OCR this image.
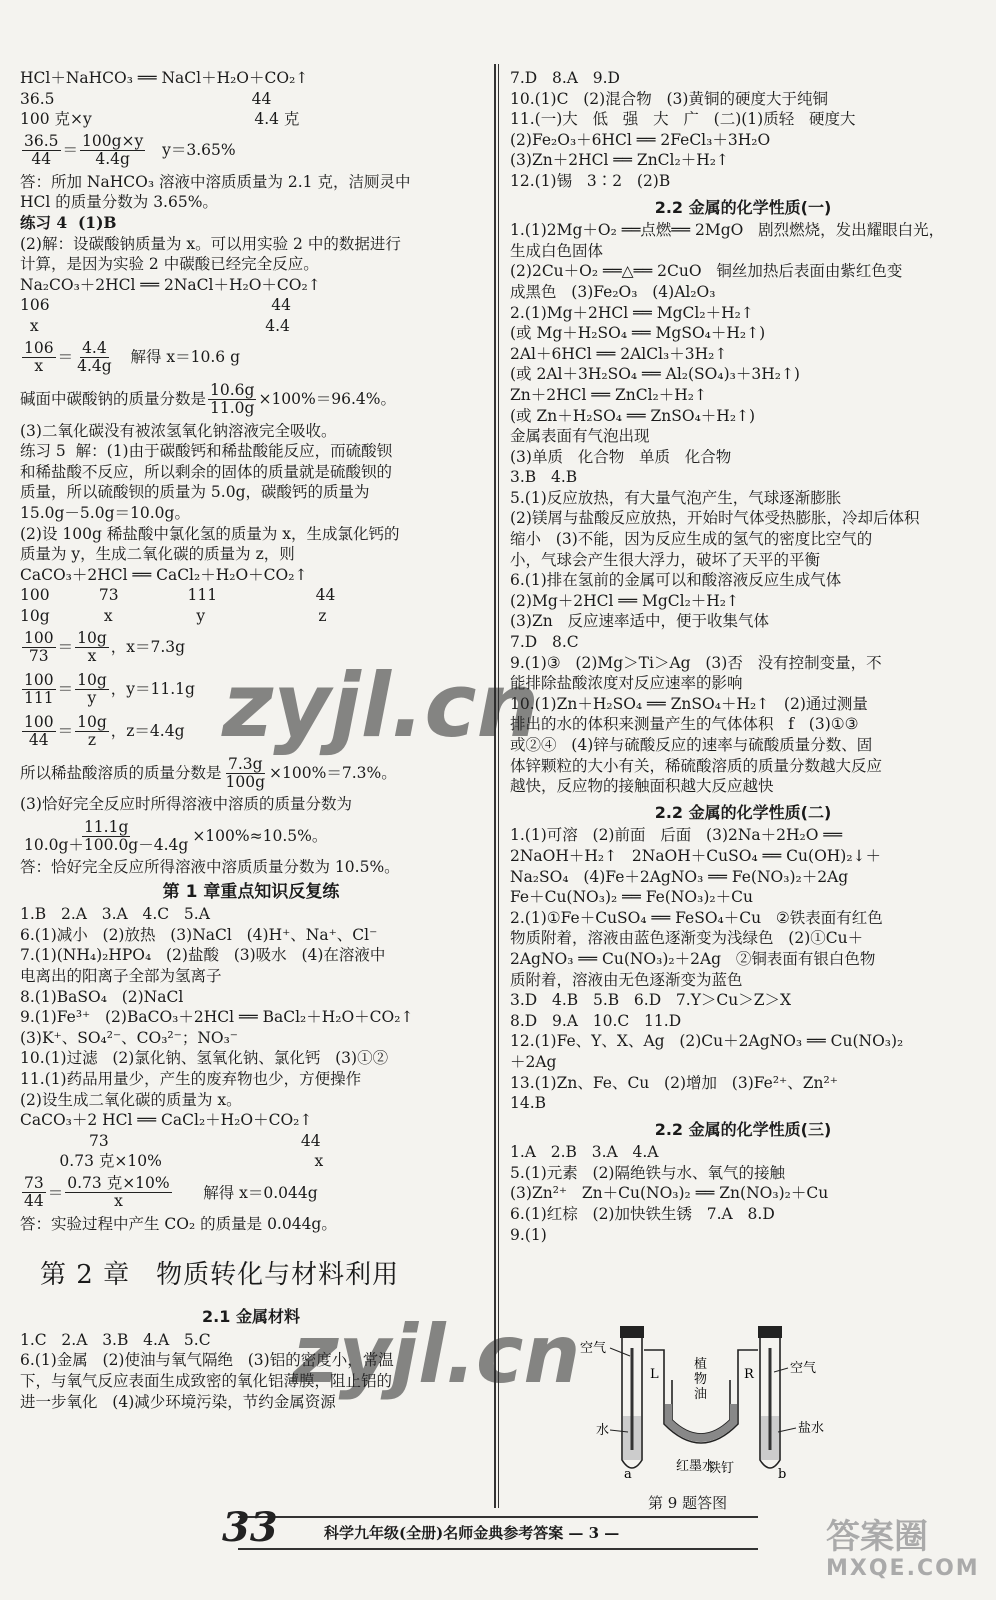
HCl＋NaHCO₃ ══ NaCl＋H₂O＋CO₂↑
36.5                                        44
100 克×y                                 4.4 克
$\frac{36.5}{44} = \frac{100g\times y}{4.4g} y=3.65\%$
答：所加 NaHCO₃ 溶液中溶质质量为 2.1 克，洁厕灵中
HCl 的质量分数为 3.65%。
练习 4  (1)B
(2)解：设碳酸钠质量为 x。可以用实验 2 中的数据进行
计算，是因为实验 2 中碳酸已经完全反应。
Na₂CO₃＋2HCl ══ 2NaCl＋H₂O＋CO₂↑
106                                             44
x                                              4.4
$\frac{106}{x} = \frac{4.4}{4.4g}$ 解得 x＝10.6 g
碱面中碳酸钠的质量分数是 $\frac{10.6g}{11.0g} \times 100\%=96.4\%$。
(3)二氧化碳没有被浓氢氧化钠溶液完全吸收。
练习 5  解：(1)由于碳酸钙和稀盐酸能反应，而硫酸钡
和稀盐酸不反应，所以剩余的固体的质量就是硫酸钡的
质量，所以硫酸钡的质量为 5.0g，碳酸钙的质量为
15.0g－5.0g＝10.0g。
(2)设 100g 稀盐酸中氯化氢的质量为 x，生成氯化钙的
质量为 y，生成二氧化碳的质量为 z，则
CaCO₃＋2HCl ══ CaCl₂＋H₂O＋CO₂↑
100          73              111                    44
10g           x                 y                       z
$\frac{100}{73} = \frac{10g}{x}$ ，x＝7.3g
$\frac{100}{111} = \frac{10g}{y}$ ，y＝11.1g
$\frac{100}{44} = \frac{10g}{z}$ ，z＝4.4g
所以稀盐酸溶质的质量分数是 $\frac{7.3g}{100g} \times 100\%=7.3\%$。
(3)恰好完全反应时所得溶液中溶质的质量分数为
$\frac{11.1g}{10.0g+100.0g-4.4g} \times 100\%\approx 10.5\%$。
答：恰好完全反应所得溶液中溶质质量分数为 10.5%。
第 1 章重点知识反复练
1.B   2.A   3.A   4.C   5.A
6.(1)减小   (2)放热   (3)NaCl   (4)H⁺、Na⁺、Cl⁻
7.(1)(NH₄)₂HPO₄   (2)盐酸   (3)吸水   (4)在溶液中
电离出的阳离子全部为氢离子
8.(1)BaSO₄   (2)NaCl
9.(1)Fe³⁺   (2)BaCO₃＋2HCl ══ BaCl₂＋H₂O＋CO₂↑
(3)K⁺、SO₄²⁻、CO₃²⁻；NO₃⁻
10.(1)过滤   (2)氯化钠、氢氧化钠、氯化钙   (3)①②
11.(1)药品用量少，产生的废弃物也少，方便操作
(2)设生成二氧化碳的质量为 x。
CaCO₃＋2 HCl ══ CaCl₂＋H₂O＋CO₂↑
73                                       44
0.73 克×10%                               x
$\frac{73}{44} = \frac{\text{0.73 克×10\%}}{x}$ 解得 x＝0.044g
答：实验过程中产生 CO₂ 的质量是 0.044g。
第 2 章 物质转化与材料利用
2.1 金属材料
1.C   2.A   3.B   4.A   5.C
6.(1)金属   (2)使油与氧气隔绝   (3)铝的密度小，常温
下，与氧气反应表面生成致密的氧化铝薄膜，阻止铝的
进一步氧化   (4)减少环境污染，节约金属资源
7.D   8.A   9.D
10.(1)C   (2)混合物   (3)黄铜的硬度大于纯铜
11.(一)大   低   强   大   广   (二)(1)质轻   硬度大
(2)Fe₂O₃＋6HCl ══ 2FeCl₃＋3H₂O
(3)Zn＋2HCl ══ ZnCl₂＋H₂↑
12.(1)锡   3∶2   (2)B
2.2 金属的化学性质(一)
1.(1)2Mg＋O₂ ══点燃══ 2MgO   剧烈燃烧，发出耀眼白光，
生成白色固体
(2)2Cu＋O₂ ══△══ 2CuO   铜丝加热后表面由紫红色变
成黑色   (3)Fe₂O₃   (4)Al₂O₃
2.(1)Mg＋2HCl ══ MgCl₂＋H₂↑
(或 Mg＋H₂SO₄ ══ MgSO₄＋H₂↑)
2Al＋6HCl ══ 2AlCl₃＋3H₂↑
(或 2Al＋3H₂SO₄ ══ Al₂(SO₄)₃＋3H₂↑)
Zn＋2HCl ══ ZnCl₂＋H₂↑
(或 Zn＋H₂SO₄ ══ ZnSO₄＋H₂↑)
金属表面有气泡出现
(3)单质   化合物   单质   化合物
3.B   4.B
5.(1)反应放热，有大量气泡产生，气球逐渐膨胀
(2)镁屑与盐酸反应放热，开始时气体受热膨胀，冷却后体积
缩小   (3)不能，因为反应生成的氢气的密度比空气的
小，气球会产生很大浮力，破坏了天平的平衡
6.(1)排在氢前的金属可以和酸溶液反应生成气体
(2)Mg＋2HCl ══ MgCl₂＋H₂↑
(3)Zn   反应速率适中，便于收集气体
7.D   8.C
9.(1)③   (2)Mg＞Ti＞Ag   (3)否   没有控制变量，不
能排除盐酸浓度对反应速率的影响
10.(1)Zn＋H₂SO₄ ══ ZnSO₄＋H₂↑   (2)通过测量
排出的水的体积来测量产生的气体体积   f   (3)①③
或②④   (4)锌与硫酸反应的速率与硫酸质量分数、固
体锌颗粒的大小有关，稀硫酸溶质的质量分数越大反应
越快，反应物的接触面积越大反应越快
2.2 金属的化学性质(二)
1.(1)可溶   (2)前面   后面   (3)2Na＋2H₂O ══
2NaOH＋H₂↑   2NaOH＋CuSO₄ ══ Cu(OH)₂↓＋
Na₂SO₄   (4)Fe＋2AgNO₃ ══ Fe(NO₃)₂＋2Ag
Fe＋Cu(NO₃)₂ ══ Fe(NO₃)₂＋Cu
2.(1)①Fe＋CuSO₄ ══ FeSO₄＋Cu   ②铁表面有红色
物质附着，溶液由蓝色逐渐变为浅绿色   (2)①Cu＋
2AgNO₃ ══ Cu(NO₃)₂＋2Ag   ②铜表面有银白色物
质附着，溶液由无色逐渐变为蓝色
3.D   4.B   5.B   6.D   7.Y＞Cu＞Z＞X
8.D   9.A   10.C   11.D
12.(1)Fe、Y、X、Ag   (2)Cu＋2AgNO₃ ══ Cu(NO₃)₂
＋2Ag
13.(1)Zn、Fe、Cu   (2)增加   (3)Fe²⁺、Zn²⁺
14.B
2.2 金属的化学性质(三)
1.A   2.B   3.A   4.A
5.(1)元素   (2)隔绝铁与水、氧气的接触
(3)Zn²⁺   Zn＋Cu(NO₃)₂ ══ Zn(NO₃)₂＋Cu
6.(1)红棕   (2)加快铁生锈   7.A   8.D
9.(1)
空气
空气
水
L	R
植物油
红墨水
铁钉
盐水
a	b
第 9 题答图
33	科学九年级(全册)名师金典参考答案 — 3 —
zyjl.cn
zyjl.cn
答案圈
MXQE.COM
